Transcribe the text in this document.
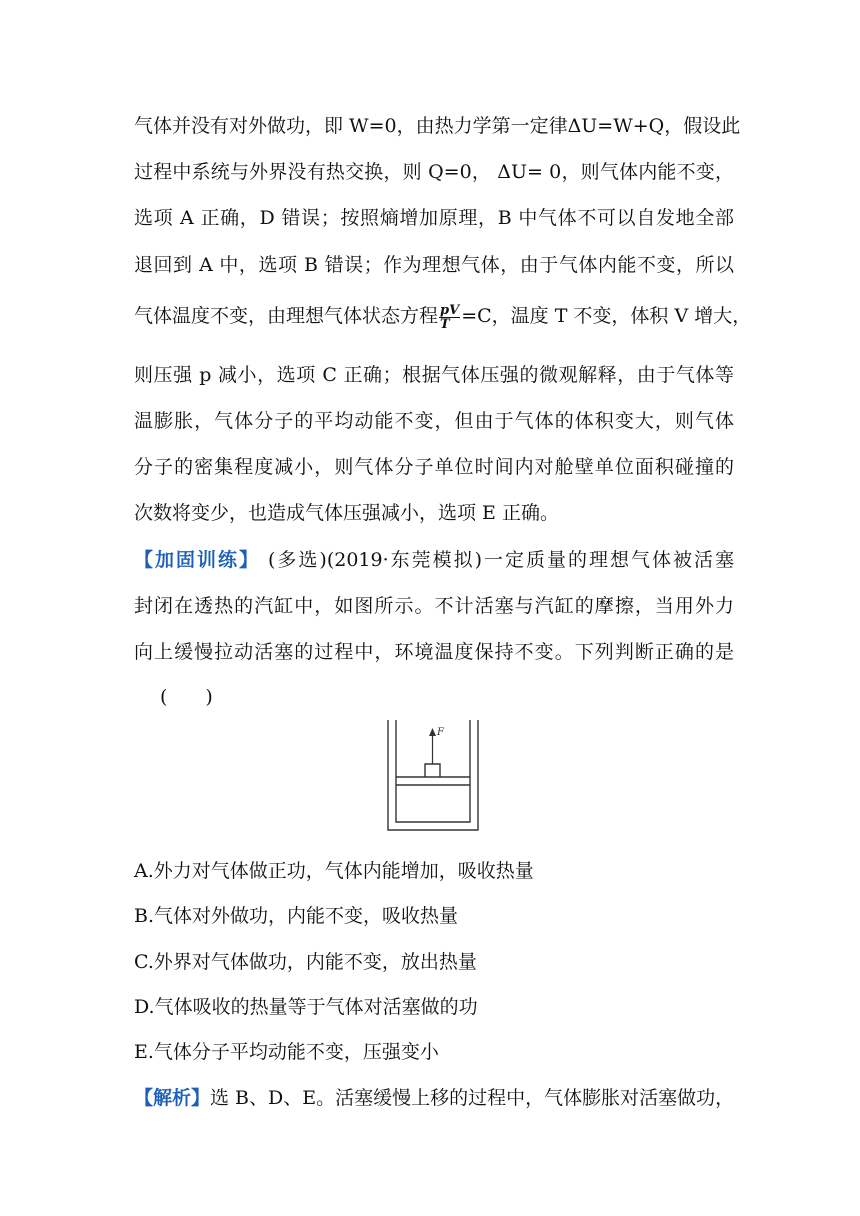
气体并没有对外做功，即 W=0，由热力学第一定律ΔU=W+Q，假设此
过程中系统与外界没有热交换，则 Q=0， ΔU= 0，则气体内能不变，
选项 A 正确，D 错误；按照熵增加原理，B 中气体不可以自发地全部
退回到 A 中，选项 B 错误；作为理想气体，由于气体内能不变，所以
气体温度不变，由理想气体状态方程 $\frac{pV}{T} =C$，温度 T 不变，体积 V 增大，
则压强 p 减小，选项 C 正确；根据气体压强的微观解释，由于气体等
温膨胀，气体分子的平均动能不变，但由于气体的体积变大，则气体
分子的密集程度减小，则气体分子单位时间内对舱壁单位面积碰撞的
次数将变少，也造成气体压强减小，选项 E 正确。
【加固训练】 (多选)(2019·东莞模拟)一定质量的理想气体被活塞
封闭在透热的汽缸中，如图所示。不计活塞与汽缸的摩擦，当用外力
向上缓慢拉动活塞的过程中，环境温度保持不变。下列判断正确的是
(　　)
F
A.外力对气体做正功，气体内能增加，吸收热量
B.气体对外做功，内能不变，吸收热量
C.外界对气体做功，内能不变，放出热量
D.气体吸收的热量等于气体对活塞做的功
E.气体分子平均动能不变，压强变小
【解析】选 B、D、E。活塞缓慢上移的过程中，气体膨胀对活塞做功，
